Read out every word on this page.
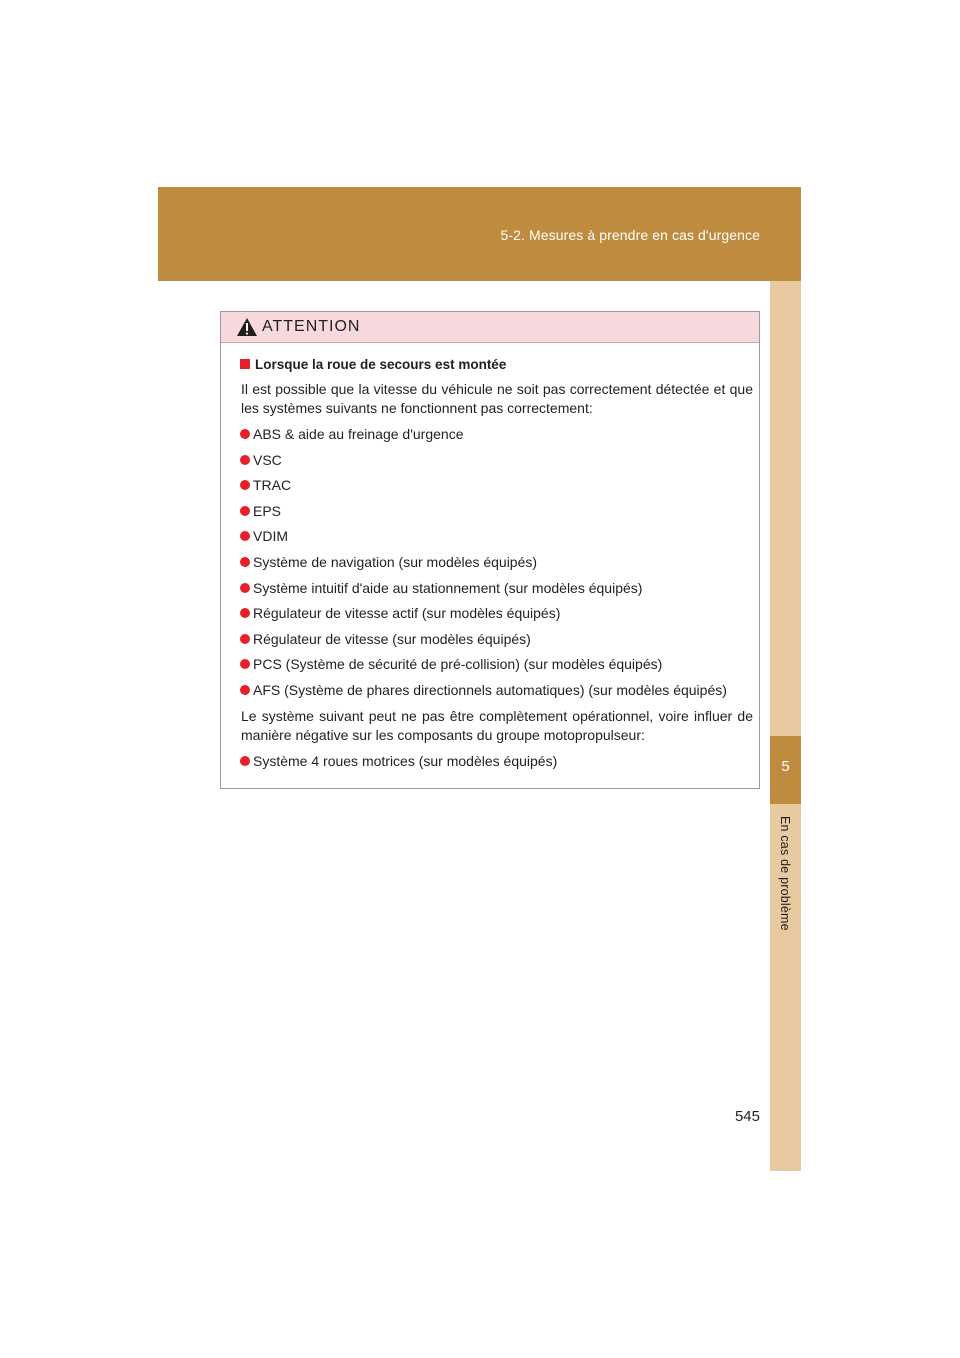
5-2. Mesures à prendre en cas d'urgence
5
En cas de problème
ATTENTION
Lorsque la roue de secours est montée
Il est possible que la vitesse du véhicule ne soit pas correctement détectée et que les systèmes suivants ne fonctionnent pas correctement:
ABS & aide au freinage d'urgence
VSC
TRAC
EPS
VDIM
Système de navigation (sur modèles équipés)
Système intuitif d'aide au stationnement (sur modèles équipés)
Régulateur de vitesse actif (sur modèles équipés)
Régulateur de vitesse (sur modèles équipés)
PCS (Système de sécurité de pré-collision) (sur modèles équipés)
AFS (Système de phares directionnels automatiques) (sur modèles équipés)
Le système suivant peut ne pas être complètement opérationnel, voire influer de manière négative sur les composants du groupe motopropulseur:
Système 4 roues motrices (sur modèles équipés)
545
